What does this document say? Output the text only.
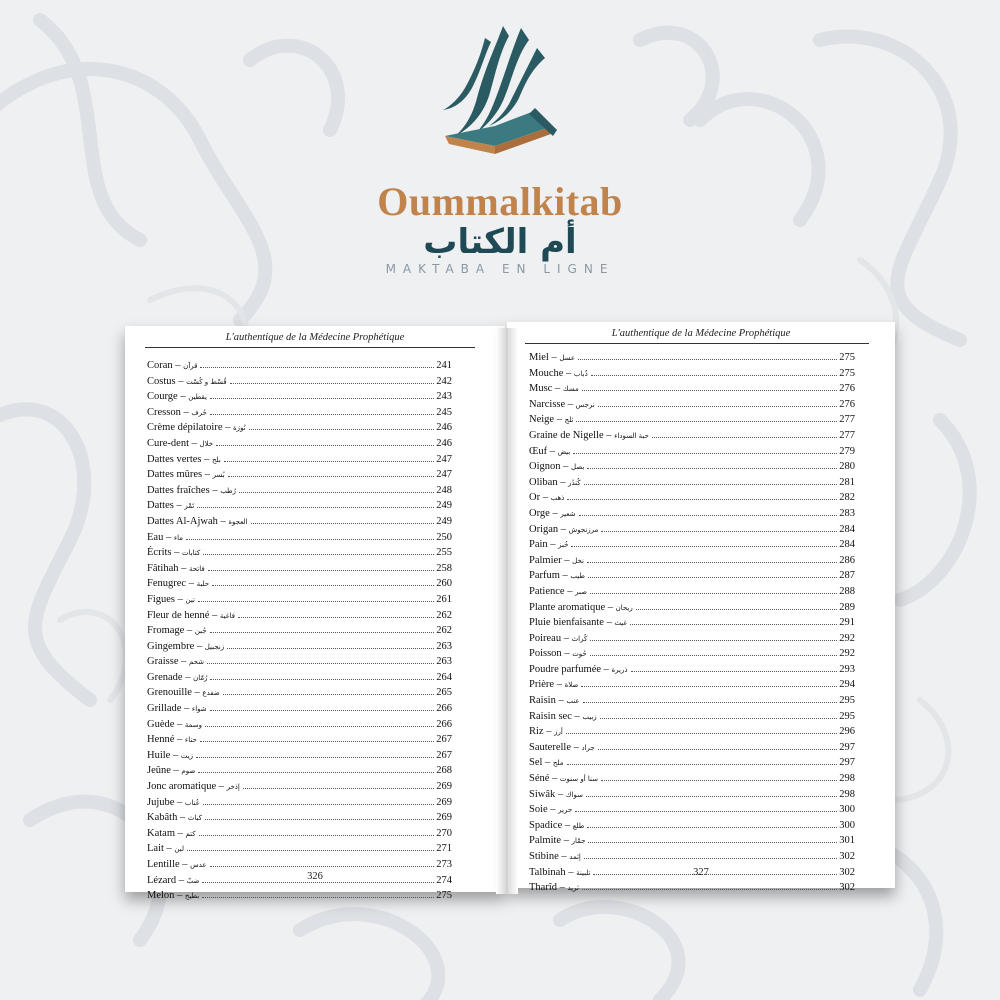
Oummalkitab
أم الكتاب
MAKTABA EN LIGNE
L'authentique de la Médecine Prophétique
Coran – قرآن	241
Costus – قُسْط و كُسْت	242
Courge – يقطين	243
Cresson – حُرف	245
Crème dépilatoire – نُورَة	246
Cure-dent – خلال	246
Dattes vertes – بلح	247
Dattes mûres – بُسر	247
Dattes fraîches – رُطب	248
Dattes – تَمْر	249
Dattes Al-Ajwah – العجوة	249
Eau – ماء	250
Écrits – كتابات	255
Fâtihah – فاتحة	258
Fenugrec – حلبة	260
Figues – تين	261
Fleur de henné – فاغية	262
Fromage – جُبن	262
Gingembre – زنجبيل	263
Graisse – شحم	263
Grenade – رُمّان	264
Grenouille – ضفدع	265
Grillade – شواء	266
Guède – وسمة	266
Henné – حناء	267
Huile – زيت	267
Jeûne – صوم	268
Jonc aromatique – إذخر	269
Jujube – عُناب	269
Kabâth – كباث	269
Katam – كتم	270
Lait – لبن	271
Lentille – عدس	273
Lézard – ضبّ	274
Melon – بطيخ	275
326
L'authentique de la Médecine Prophétique
Miel – عسل	275
Mouche – ذُباب	275
Musc – مسك	276
Narcisse – نرجس	276
Neige – ثلج	277
Graine de Nigelle – حبة السوداء	277
Œuf – بيض	279
Oignon – بصل	280
Oliban – كُندُر	281
Or – ذهب	282
Orge – شعير	283
Origan – مرزنجوش	284
Pain – خُبز	284
Palmier – نخل	286
Parfum – طيب	287
Patience – صبر	288
Plante aromatique – ريحان	289
Pluie bienfaisante – غيث	291
Poireau – كُراث	292
Poisson – حُوت	292
Poudre parfumée – ذريرة	293
Prière – صلاة	294
Raisin – عنب	295
Raisin sec – زبيب	295
Riz – أرز	296
Sauterelle – جراد	297
Sel – ملح	297
Séné – سنا أو سنوت	298
Siwâk – سواك	298
Soie – حرير	300
Spadice – طلع	300
Palmite – جمّار	301
Stibine – إثمد	302
Talbinah – تلبينة	302
Tharîd – ثريد	302
327
